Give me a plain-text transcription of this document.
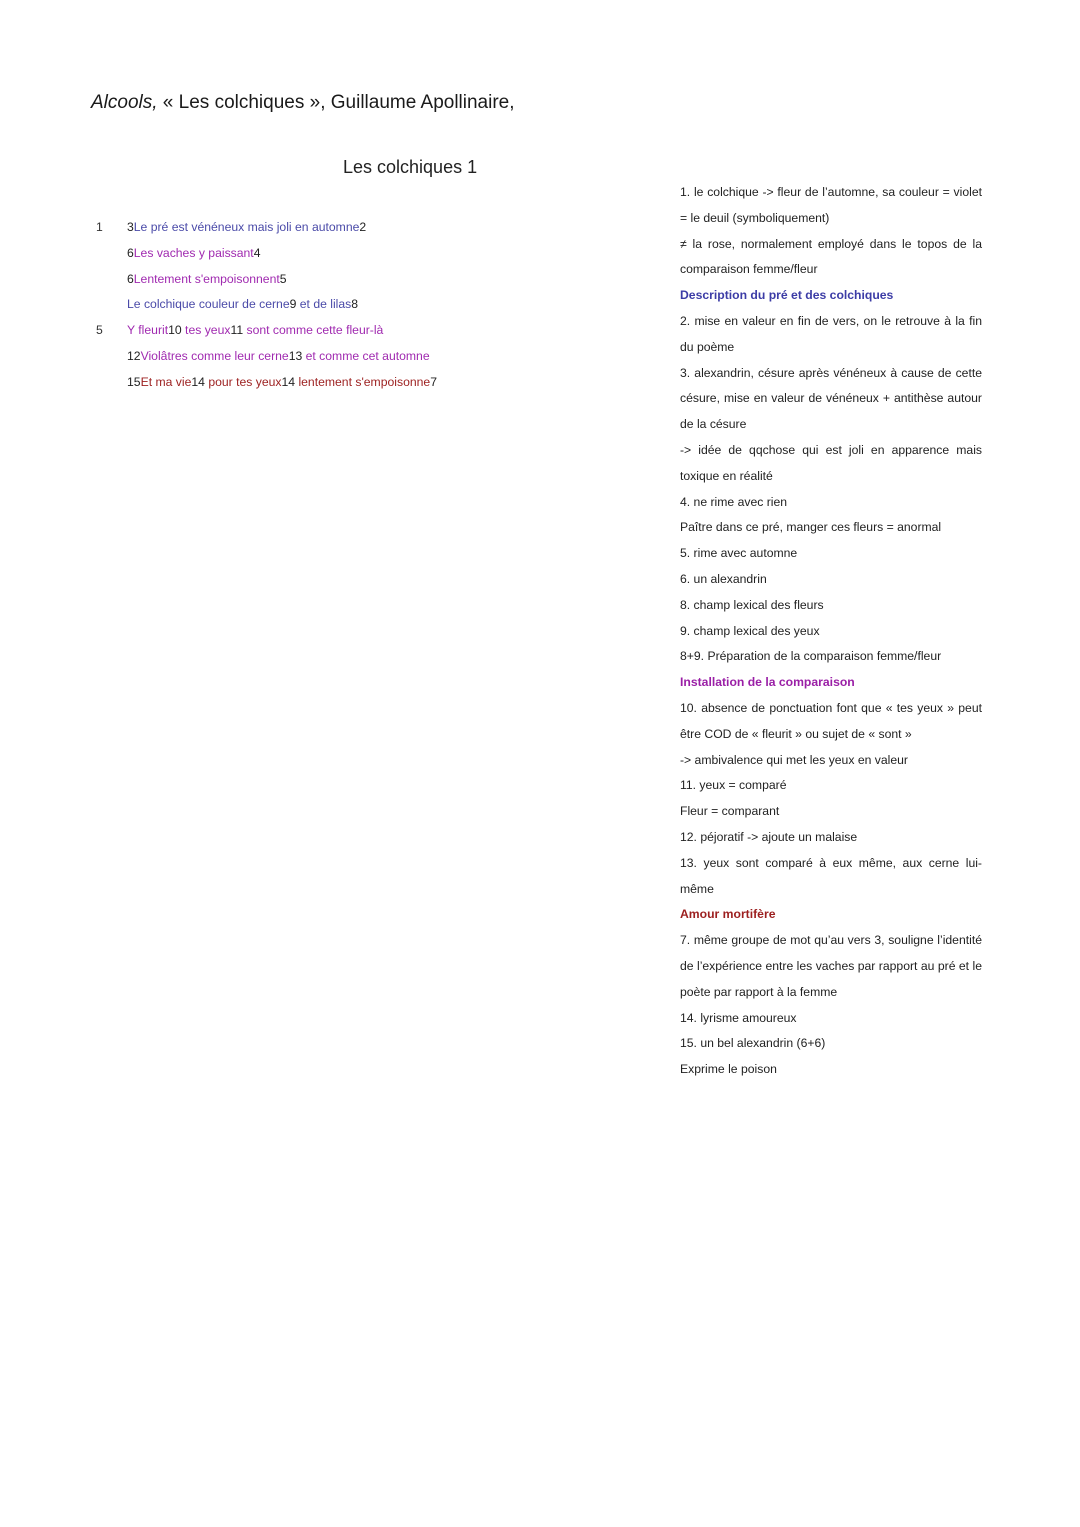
Alcools, « Les colchiques », Guillaume Apollinaire,
Les colchiques 1
1	3Le pré est vénéneux mais joli en automne2
6Les vaches y paissant4
6Lentement s'empoisonnent5
Le colchique couleur de cerne9 et de lilas8
5	Y fleurit10 tes yeux11 sont comme cette fleur-là
12Violâtres comme leur cerne13 et comme cet automne
15Et ma vie14 pour tes yeux14 lentement s'empoisonne7
1. le colchique -> fleur de l’automne, sa couleur = violet = le deuil (symboliquement)
≠ la rose, normalement employé dans le topos de la comparaison femme/fleur
Description du pré et des colchiques
2. mise en valeur en fin de vers, on le retrouve à la fin du poème
3. alexandrin, césure après vénéneux à cause de cette césure, mise en valeur de vénéneux + antithèse autour de la césure
-> idée de qqchose qui est joli en apparence mais toxique en réalité
4. ne rime avec rien
Paître dans ce pré, manger ces fleurs = anormal
5. rime avec automne
6. un alexandrin
8. champ lexical des fleurs
9. champ lexical des yeux
8+9. Préparation de la comparaison femme/fleur
Installation de la comparaison
10. absence de ponctuation font que « tes yeux » peut être COD de « fleurit » ou sujet de « sont »
-> ambivalence qui met les yeux en valeur
11. yeux = comparé
Fleur = comparant
12. péjoratif -> ajoute un malaise
13. yeux sont comparé à eux même, aux cerne lui-même
Amour mortifère
7. même groupe de mot qu’au vers 3, souligne l’identité de l’expérience entre les vaches par rapport au pré et le poète par rapport à la femme
14. lyrisme amoureux
15. un bel alexandrin (6+6)
Exprime le poison
